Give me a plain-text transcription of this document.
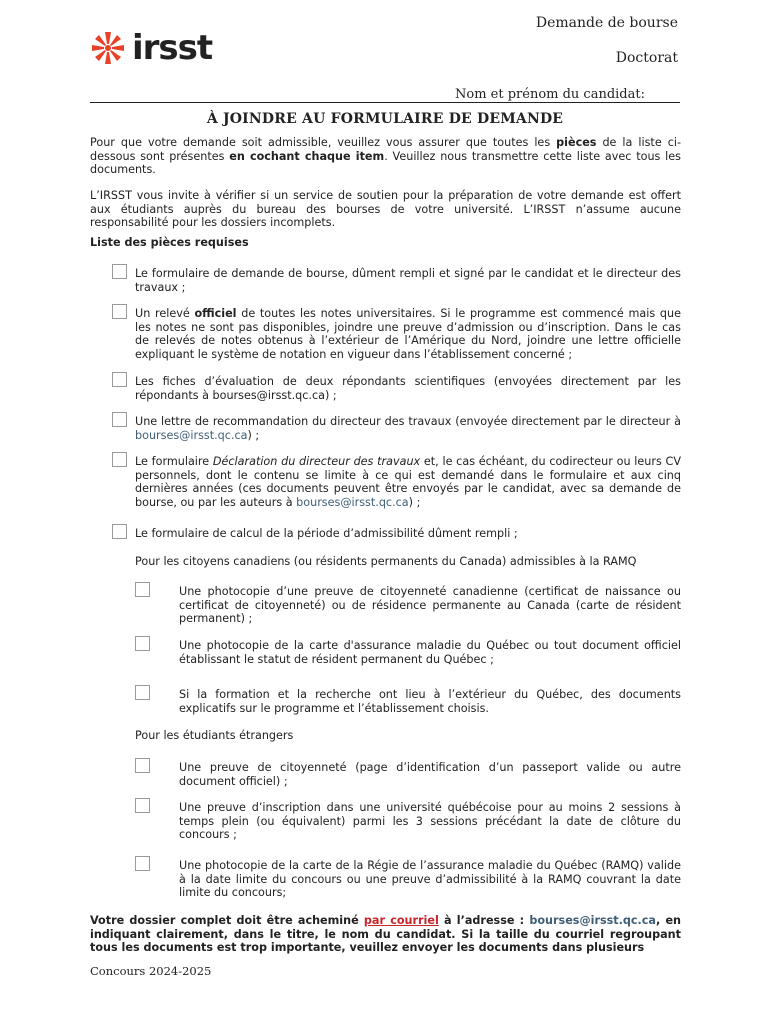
irsst
Demande de bourse
Doctorat
Nom et prénom du candidat:
À JOINDRE AU FORMULAIRE DE DEMANDE
Pour que votre demande soit admissible, veuillez vous assurer que toutes les pièces de la liste ci-dessous sont présentes en cochant chaque item. Veuillez nous transmettre cette liste avec tous les documents.
L’IRSST vous invite à vérifier si un service de soutien pour la préparation de votre demande est offert aux étudiants auprès du bureau des bourses de votre université. L’IRSST n’assume aucune responsabilité pour les dossiers incomplets.
Liste des pièces requises
Le formulaire de demande de bourse, dûment rempli et signé par le candidat et le directeur des travaux ;
Un relevé officiel de toutes les notes universitaires. Si le programme est commencé mais que les notes ne sont pas disponibles, joindre une preuve d’admission ou d’inscription. Dans le cas de relevés de notes obtenus à l’extérieur de l’Amérique du Nord, joindre une lettre officielle expliquant le système de notation en vigueur dans l’établissement concerné ;
Les fiches d’évaluation de deux répondants scientifiques (envoyées directement par les répondants à bourses@irsst.qc.ca) ;
Une lettre de recommandation du directeur des travaux (envoyée directement par le directeur à bourses@irsst.qc.ca) ;
Le formulaire Déclaration du directeur des travaux et, le cas échéant, du codirecteur ou leurs CV personnels, dont le contenu se limite à ce qui est demandé dans le formulaire et aux cinq dernières années (ces documents peuvent être envoyés par le candidat, avec sa demande de bourse, ou par les auteurs à bourses@irsst.qc.ca) ;
Le formulaire de calcul de la période d’admissibilité dûment rempli ;
Pour les citoyens canadiens (ou résidents permanents du Canada) admissibles à la RAMQ
Une photocopie d’une preuve de citoyenneté canadienne (certificat de naissance ou certificat de citoyenneté) ou de résidence permanente au Canada (carte de résident permanent) ;
Une photocopie de la carte d'assurance maladie du Québec ou tout document officiel établissant le statut de résident permanent du Québec ;
Si la formation et la recherche ont lieu à l’extérieur du Québec, des documents explicatifs sur le programme et l’établissement choisis.
Pour les étudiants étrangers
Une preuve de citoyenneté (page d’identification d’un passeport valide ou autre document officiel) ;
Une preuve d’inscription dans une université québécoise pour au moins 2 sessions à temps plein (ou équivalent) parmi les 3 sessions précédant la date de clôture du concours ;
Une photocopie de la carte de la Régie de l’assurance maladie du Québec (RAMQ) valide à la date limite du concours ou une preuve d’admissibilité à la RAMQ couvrant la date limite du concours;
Votre dossier complet doit être acheminé par courriel à l’adresse : bourses@irsst.qc.ca, en indiquant clairement, dans le titre, le nom du candidat. Si la taille du courriel regroupant tous les documents est trop importante, veuillez envoyer les documents dans plusieurs
Concours 2024-2025
